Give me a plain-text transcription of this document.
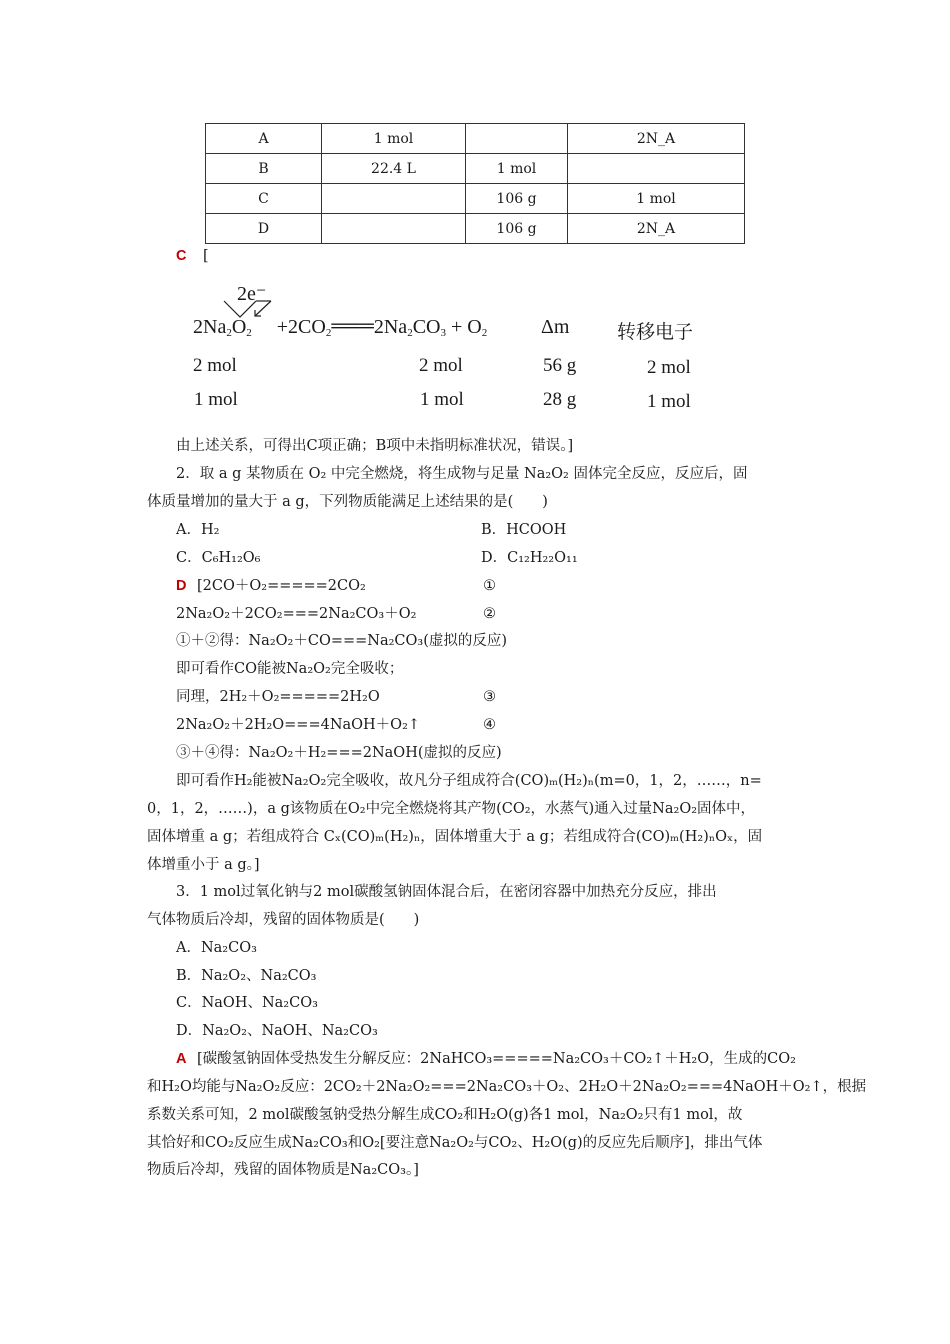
A	1 mol		2N_A
B	22.4 L	1 mol	
C		106 g	1 mol
D		106 g	2N_A
C [
2e⁻
$2Na_2O_2$     $+2CO_2═══2Na_2CO_3 + O_2$	Δm	转移电子
2 mol	2 mol	56 g	2 mol
1 mol	1 mol	28 g	1 mol
由上述关系，可得出C项正确；B项中未指明标准状况，错误。]
2．取 a g 某物质在 O₂ 中完全燃烧，将生成物与足量 Na₂O₂ 固体完全反应，反应后，固
体质量增加的量大于 a g，下列物质能满足上述结果的是(　　)
A．H₂	B．HCOOH
C．C₆H₁₂O₆	D．C₁₂H₂₂O₁₁
D [2CO＋O₂=====2CO₂	①
2Na₂O₂＋2CO₂===2Na₂CO₃＋O₂	②
①＋②得：Na₂O₂＋CO===Na₂CO₃(虚拟的反应)
即可看作CO能被Na₂O₂完全吸收；
同理，2H₂＋O₂=====2H₂O	③
2Na₂O₂＋2H₂O===4NaOH＋O₂↑	④
③＋④得：Na₂O₂＋H₂===2NaOH(虚拟的反应)
即可看作H₂能被Na₂O₂完全吸收，故凡分子组成符合(CO)ₘ(H₂)ₙ(m=0，1，2，……，n=
0，1，2，……)，a g该物质在O₂中完全燃烧将其产物(CO₂，水蒸气)通入过量Na₂O₂固体中，
固体增重 a g；若组成符合 Cₓ(CO)ₘ(H₂)ₙ，固体增重大于 a g；若组成符合(CO)ₘ(H₂)ₙOₓ，固
体增重小于 a g。]
3．1 mol过氧化钠与2 mol碳酸氢钠固体混合后，在密闭容器中加热充分反应，排出
气体物质后冷却，残留的固体物质是(　　)
A．Na₂CO₃
B．Na₂O₂、Na₂CO₃
C．NaOH、Na₂CO₃
D．Na₂O₂、NaOH、Na₂CO₃
A [碳酸氢钠固体受热发生分解反应：2NaHCO₃=====Na₂CO₃＋CO₂↑＋H₂O，生成的CO₂
和H₂O均能与Na₂O₂反应：2CO₂＋2Na₂O₂===2Na₂CO₃＋O₂、2H₂O＋2Na₂O₂===4NaOH＋O₂↑，根据
系数关系可知，2 mol碳酸氢钠受热分解生成CO₂和H₂O(g)各1 mol，Na₂O₂只有1 mol，故
其恰好和CO₂反应生成Na₂CO₃和O₂[要注意Na₂O₂与CO₂、H₂O(g)的反应先后顺序]，排出气体
物质后冷却，残留的固体物质是Na₂CO₃。]
